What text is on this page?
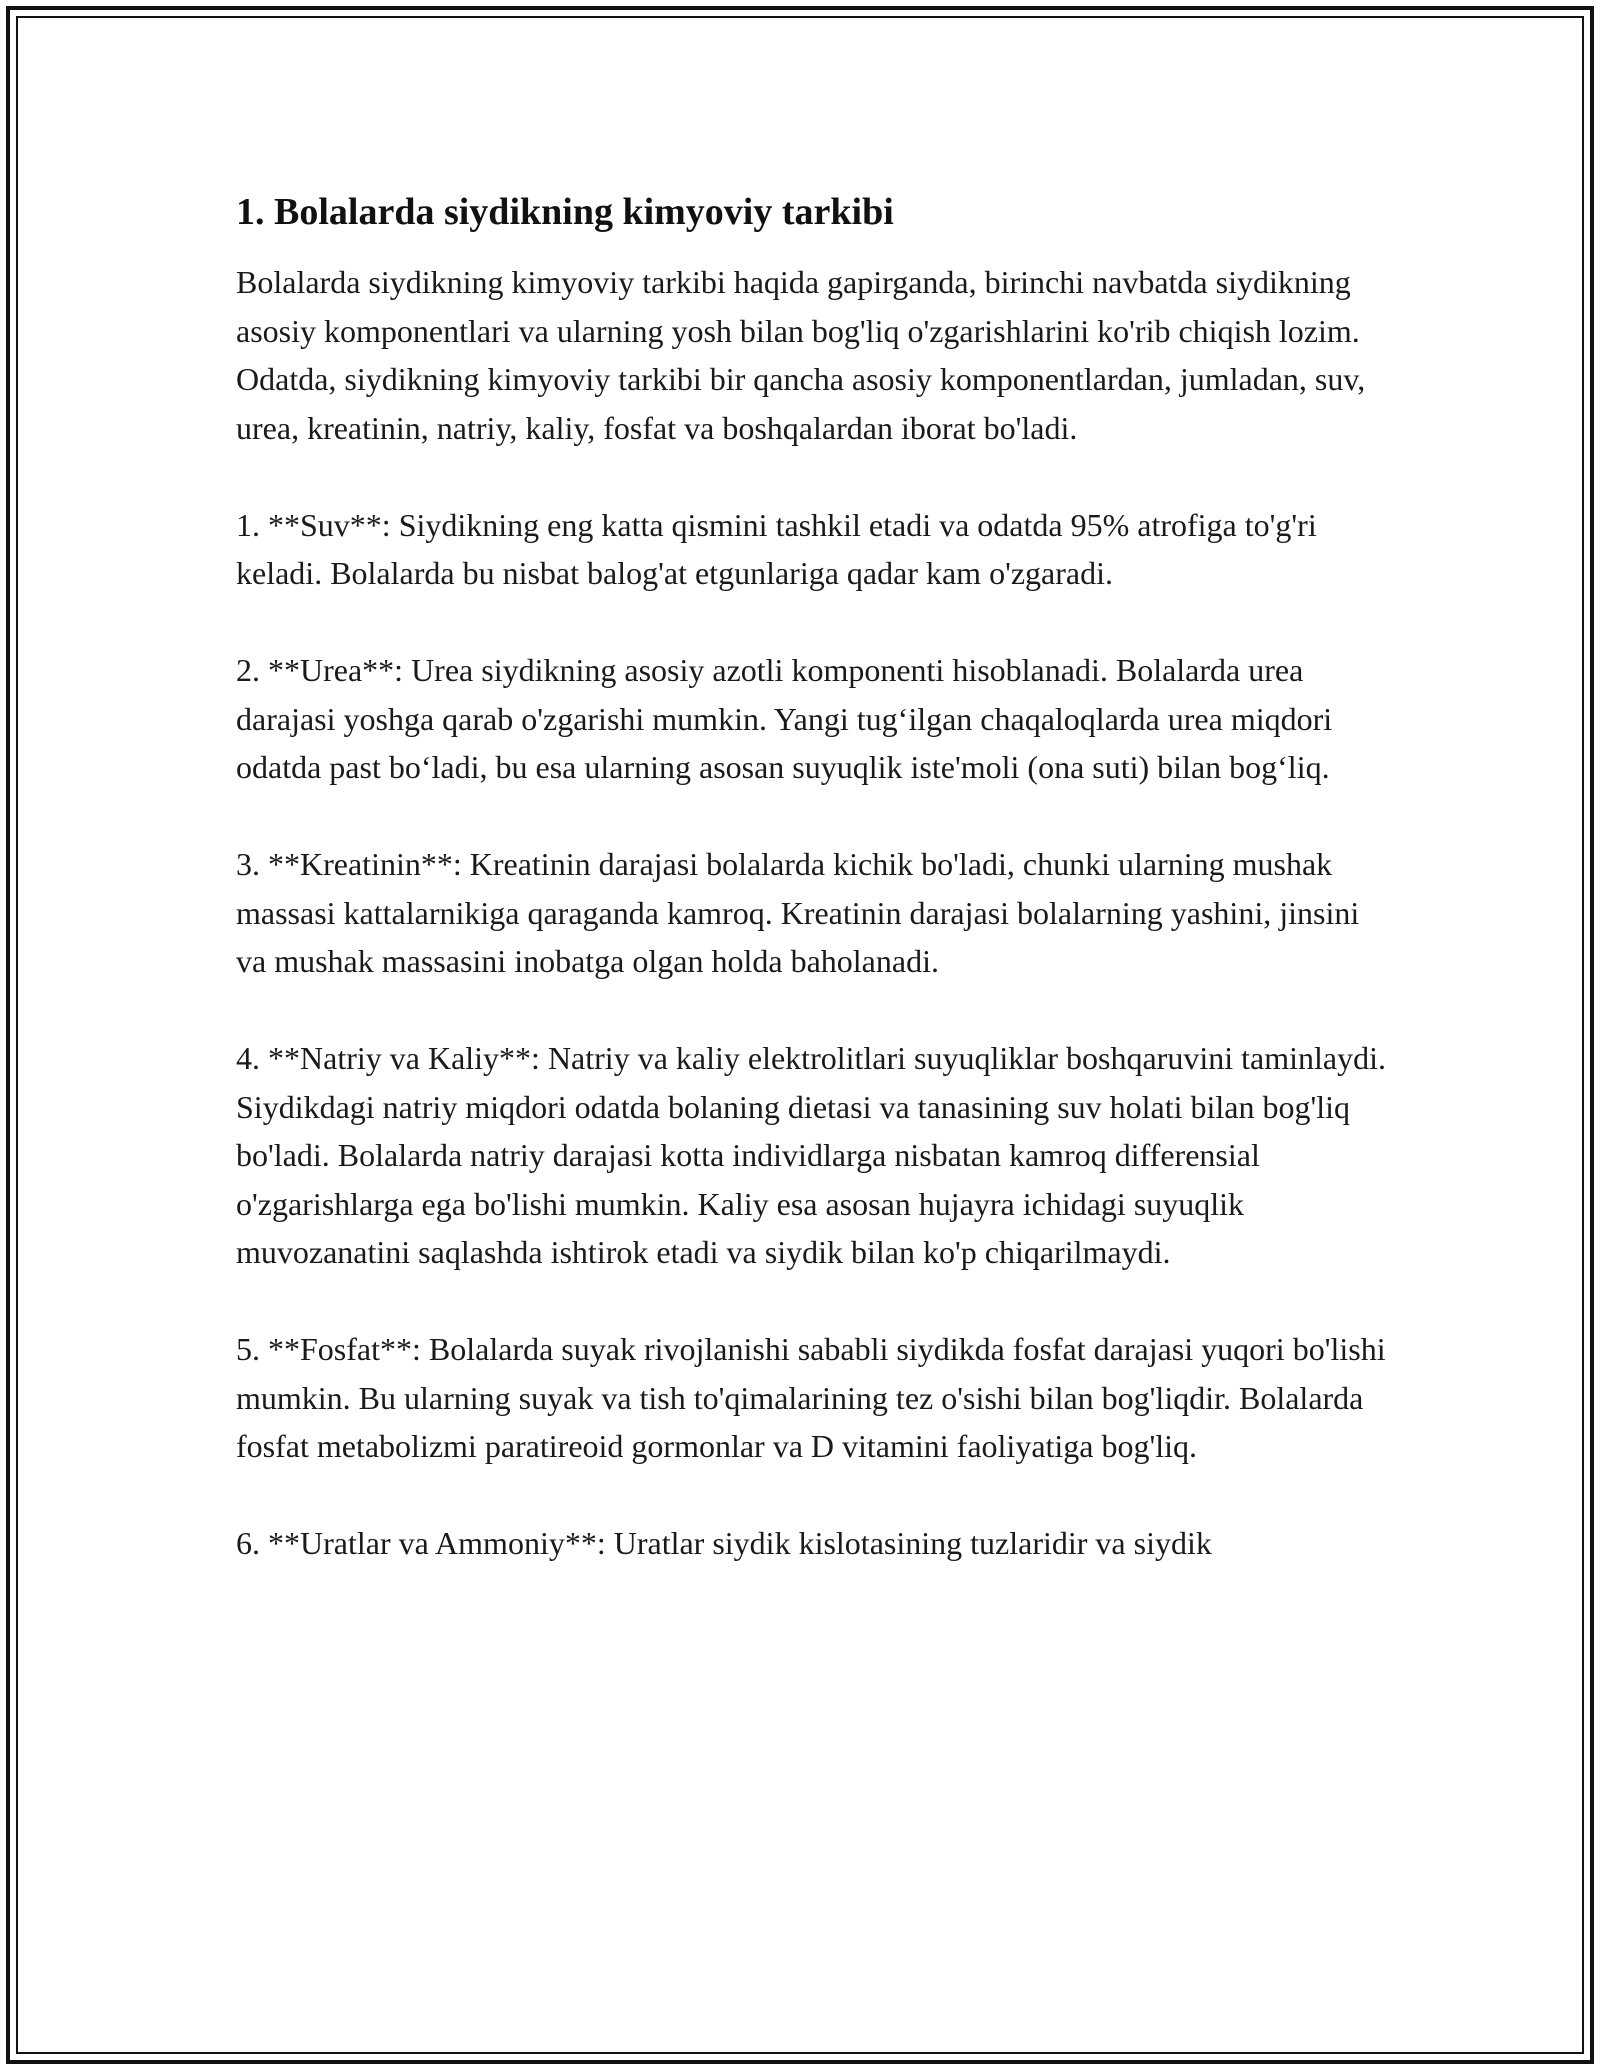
1. Bolalarda siydikning kimyoviy tarkibi

Bolalarda siydikning kimyoviy tarkibi haqida gapirganda, birinchi navbatda siydikning asosiy komponentlari va ularning yosh bilan bog'liq o'zgarishlarini ko'rib chiqish lozim. Odatda, siydikning kimyoviy tarkibi bir qancha asosiy komponentlardan, jumladan, suv, urea, kreatinin, natriy, kaliy, fosfat va boshqalardan iborat bo'ladi.

1. **Suv**: Siydikning eng katta qismini tashkil etadi va odatda 95% atrofiga to'g'ri keladi. Bolalarda bu nisbat balog'at etgunlariga qadar kam o'zgaradi.

2. **Urea**: Urea siydikning asosiy azotli komponenti hisoblanadi. Bolalarda urea darajasi yoshga qarab o'zgarishi mumkin. Yangi tug‘ilgan chaqaloqlarda urea miqdori odatda past bo‘ladi, bu esa ularning asosan suyuqlik iste'moli (ona suti) bilan bog‘liq.

3. **Kreatinin**: Kreatinin darajasi bolalarda kichik bo'ladi, chunki ularning mushak massasi kattalarnikiga qaraganda kamroq. Kreatinin darajasi bolalarning yashini, jinsini va mushak massasini inobatga olgan holda baholanadi.

4. **Natriy va Kaliy**: Natriy va kaliy elektrolitlari suyuqliklar boshqaruvini taminlaydi. Siydikdagi natriy miqdori odatda bolaning dietasi va tanasining suv holati bilan bog'liq bo'ladi. Bolalarda natriy darajasi kotta individlarga nisbatan kamroq differensial o'zgarishlarga ega bo'lishi mumkin. Kaliy esa asosan hujayra ichidagi suyuqlik muvozanatini saqlashda ishtirok etadi va siydik bilan ko'p chiqarilmaydi.

5. **Fosfat**: Bolalarda suyak rivojlanishi sababli siydikda fosfat darajasi yuqori bo'lishi mumkin. Bu ularning suyak va tish to'qimalarining tez o'sishi bilan bog'liqdir. Bolalarda fosfat metabolizmi paratireoid gormonlar va D vitamini faoliyatiga bog'liq.

6. **Uratlar va Ammoniy**: Uratlar siydik kislotasining tuzlaridir va siydik
